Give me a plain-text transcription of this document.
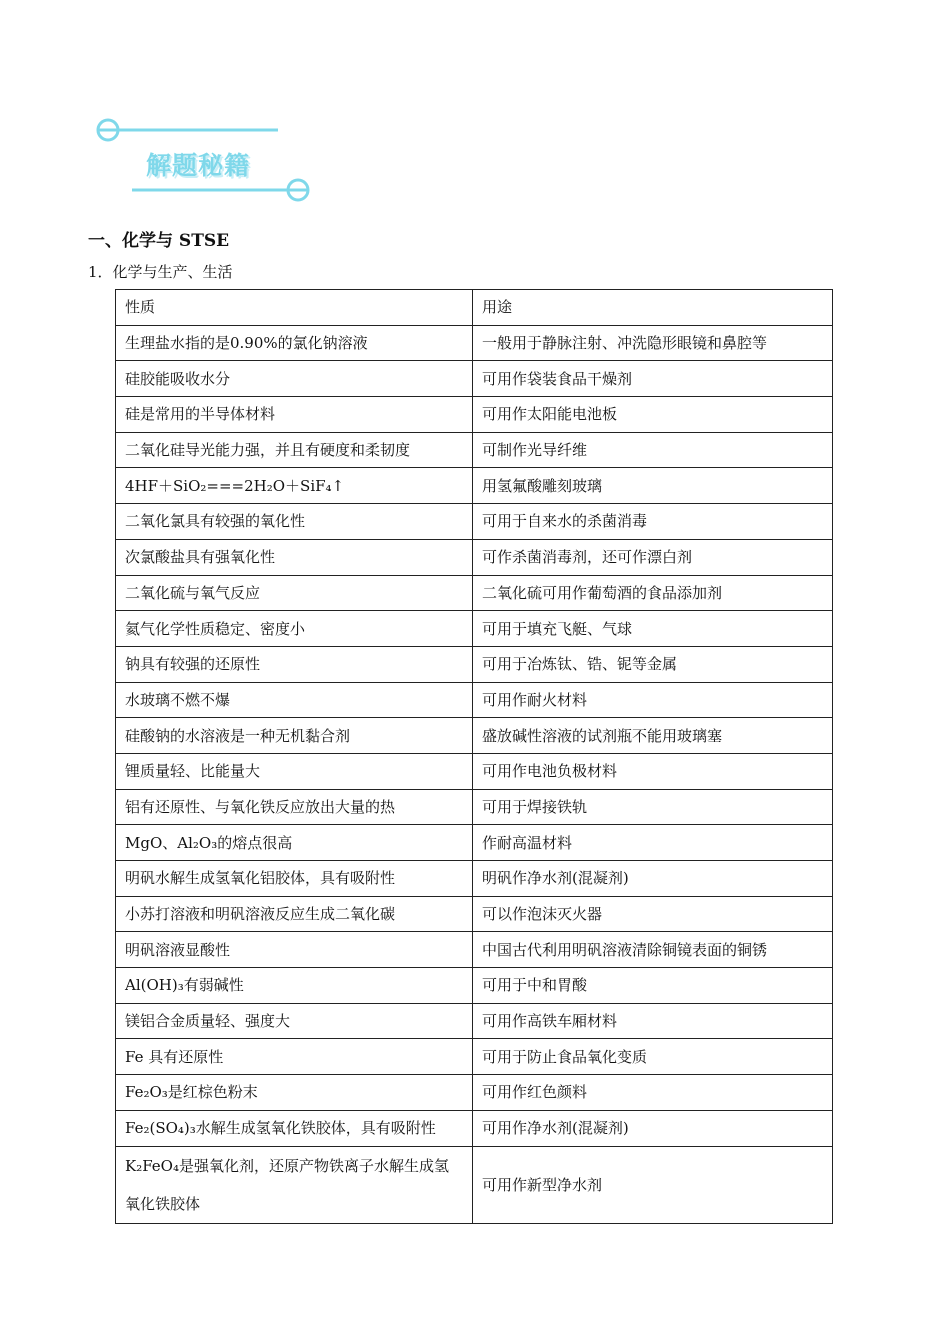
解题秘籍
一、化学与 STSE
1．化学与生产、生活
性质	用途
生理盐水指的是0.90%的氯化钠溶液	一般用于静脉注射、冲洗隐形眼镜和鼻腔等
硅胶能吸收水分	可用作袋装食品干燥剂
硅是常用的半导体材料	可用作太阳能电池板
二氧化硅导光能力强，并且有硬度和柔韧度	可制作光导纤维
4HF＋SiO₂===2H₂O＋SiF₄↑	用氢氟酸雕刻玻璃
二氧化氯具有较强的氧化性	可用于自来水的杀菌消毒
次氯酸盐具有强氧化性	可作杀菌消毒剂，还可作漂白剂
二氧化硫与氧气反应	二氧化硫可用作葡萄酒的食品添加剂
氦气化学性质稳定、密度小	可用于填充飞艇、气球
钠具有较强的还原性	可用于冶炼钛、锆、铌等金属
水玻璃不燃不爆	可用作耐火材料
硅酸钠的水溶液是一种无机黏合剂	盛放碱性溶液的试剂瓶不能用玻璃塞
锂质量轻、比能量大	可用作电池负极材料
铝有还原性、与氧化铁反应放出大量的热	可用于焊接铁轨
MgO、Al₂O₃的熔点很高	作耐高温材料
明矾水解生成氢氧化铝胶体，具有吸附性	明矾作净水剂(混凝剂)
小苏打溶液和明矾溶液反应生成二氧化碳	可以作泡沫灭火器
明矾溶液显酸性	中国古代利用明矾溶液清除铜镜表面的铜锈
Al(OH)₃有弱碱性	可用于中和胃酸
镁铝合金质量轻、强度大	可用作高铁车厢材料
Fe 具有还原性	可用于防止食品氧化变质
Fe₂O₃是红棕色粉末	可用作红色颜料
Fe₂(SO₄)₃水解生成氢氧化铁胶体，具有吸附性	可用作净水剂(混凝剂)
K₂FeO₄是强氧化剂，还原产物铁离子水解生成氢氧化铁胶体	可用作新型净水剂
